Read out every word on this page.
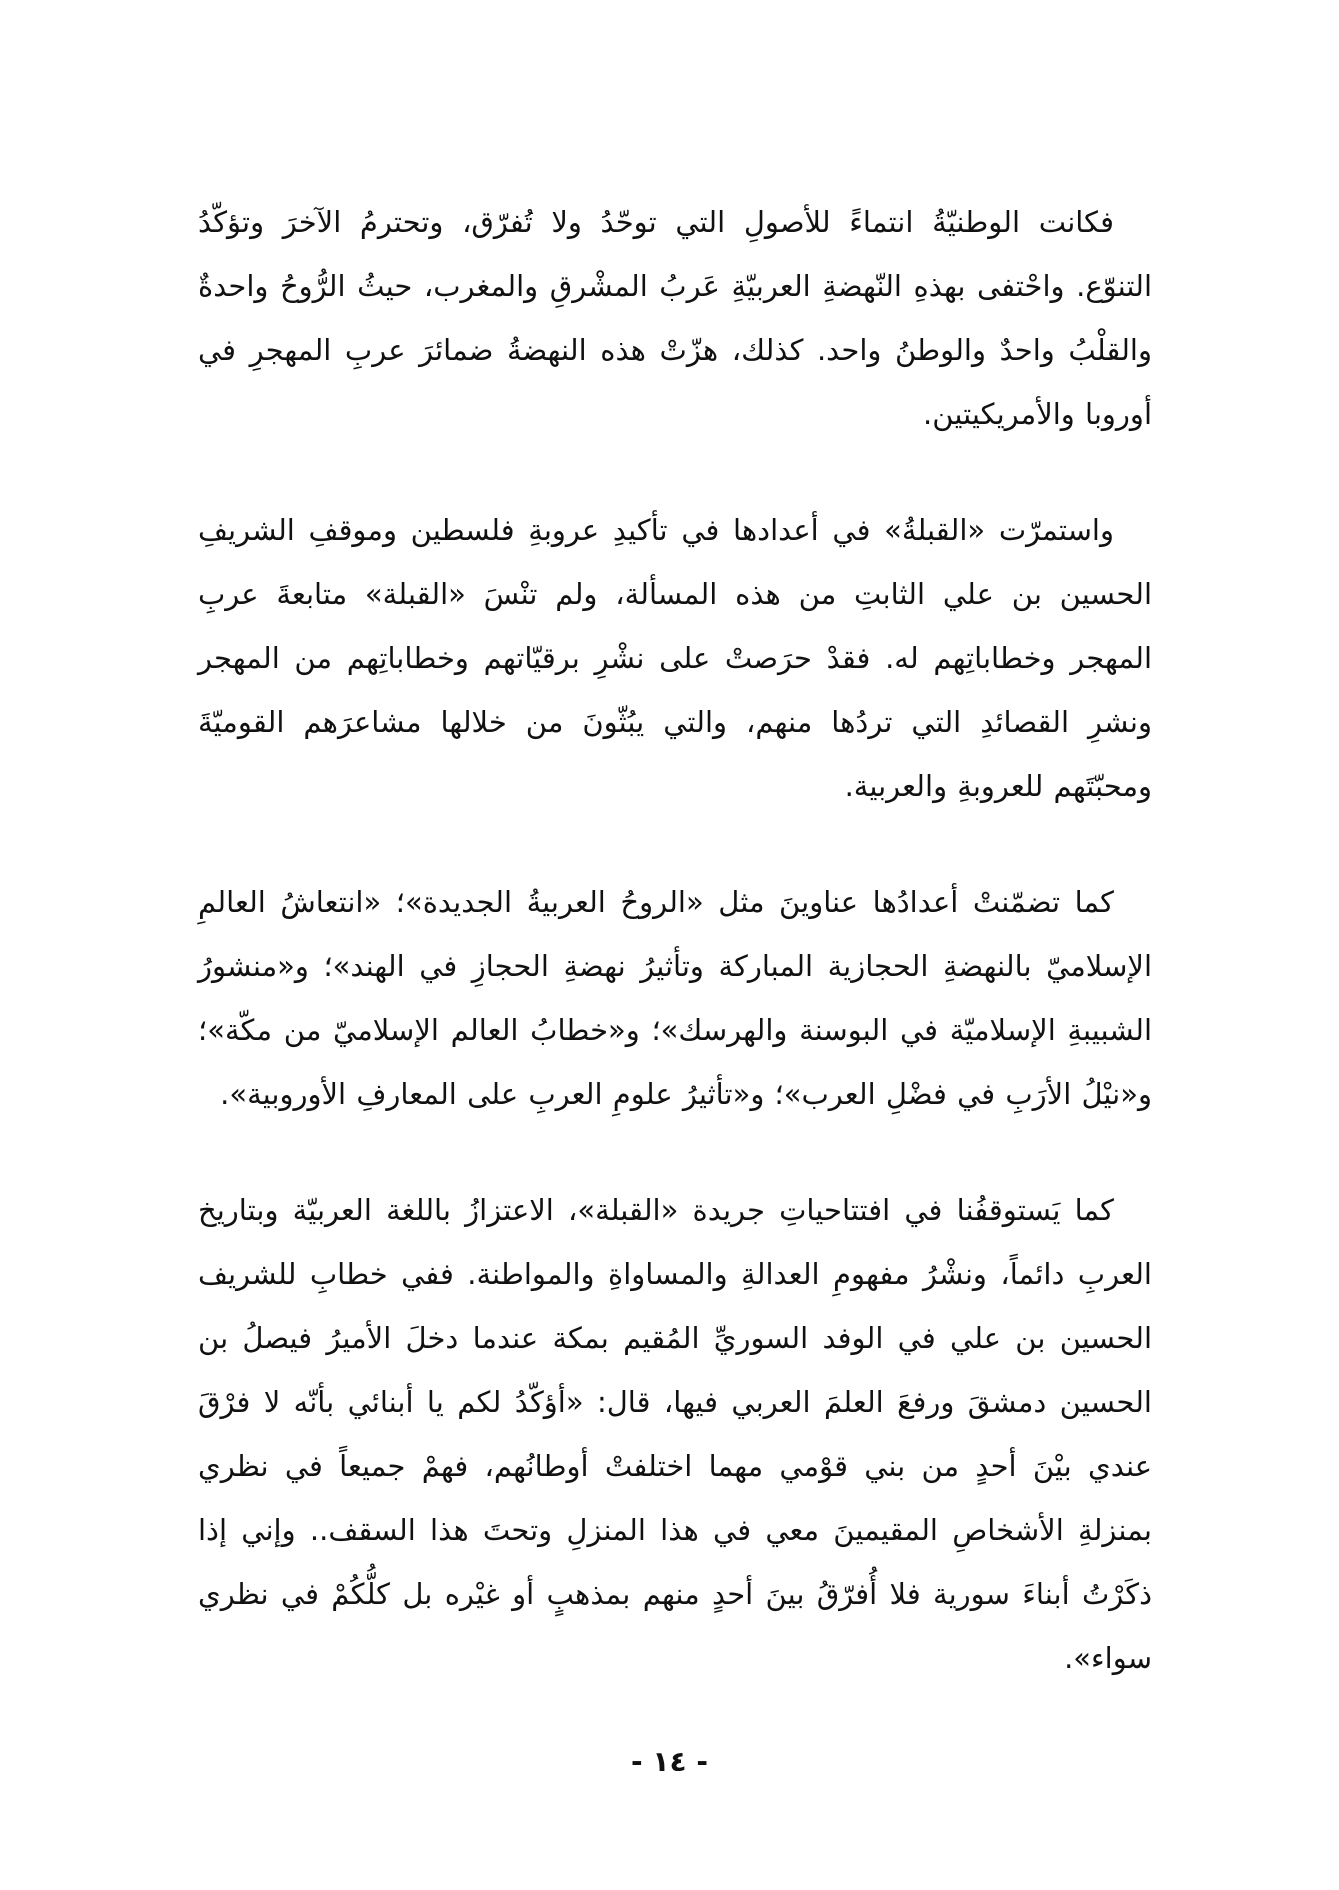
فكانت الوطنيّةُ انتماءً للأصولِ التي توحّدُ ولا تُفرّق، وتحترمُ الآخرَ وتؤكّدُ التنوّع. واحْتفى بهذهِ النّهضةِ العربيّةِ عَربُ المشْرقِ والمغرب، حيثُ الرُّوحُ واحدةٌ والقلْبُ واحدٌ والوطنُ واحد. كذلك، هزّتْ هذه النهضةُ ضمائرَ عربِ المهجرِ في أوروبا والأمريكيتين.

واستمرّت «القبلةُ» في أعدادها في تأكيدِ عروبةِ فلسطين وموقفِ الشريفِ الحسين بن علي الثابتِ من هذه المسألة، ولم تنْسَ «القبلة» متابعةَ عربِ المهجر وخطاباتِهم له. فقدْ حرَصتْ على نشْرِ برقيّاتهم وخطاباتِهم من المهجر ونشرِ القصائدِ التي تردُها منهم، والتي يبُثّونَ من خلالها مشاعرَهم القوميّةَ ومحبّتَهم للعروبةِ والعربية.

كما تضمّنتْ أعدادُها عناوينَ مثل «الروحُ العربيةُ الجديدة»؛ «انتعاشُ العالمِ الإسلاميّ بالنهضةِ الحجازية المباركة وتأثيرُ نهضةِ الحجازِ في الهند»؛ و«منشورُ الشبيبةِ الإسلاميّة في البوسنة والهرسك»؛ و«خطابُ العالم الإسلاميّ من مكّة»؛ و«نيْلُ الأرَبِ في فضْلِ العرب»؛ و«تأثيرُ علومِ العربِ على المعارفِ الأوروبية».

كما يَستوقفُنا في افتتاحياتِ جريدة «القبلة»، الاعتزازُ باللغة العربيّة وبتاريخ العربِ دائماً، ونشْرُ مفهومِ العدالةِ والمساواةِ والمواطنة. ففي خطابِ للشريف الحسين بن علي في الوفد السوريِّ المُقيم بمكة عندما دخلَ الأميرُ فيصلُ بن الحسين دمشقَ ورفعَ العلمَ العربي فيها، قال: «أؤكّدُ لكم يا أبنائي بأنّه لا فرْقَ عندي بيْنَ أحدٍ من بني قوْمي مهما اختلفتْ أوطانُهم، فهمْ جميعاً في نظري بمنزلةِ الأشخاصِ المقيمينَ معي في هذا المنزلِ وتحتَ هذا السقف.. وإني إذا ذكَرْتُ أبناءَ سورية فلا أُفرّقُ بينَ أحدٍ منهم بمذهبٍ أو غيْره بل كلُّكُمْ في نظري سواء».

- ١٤ -
